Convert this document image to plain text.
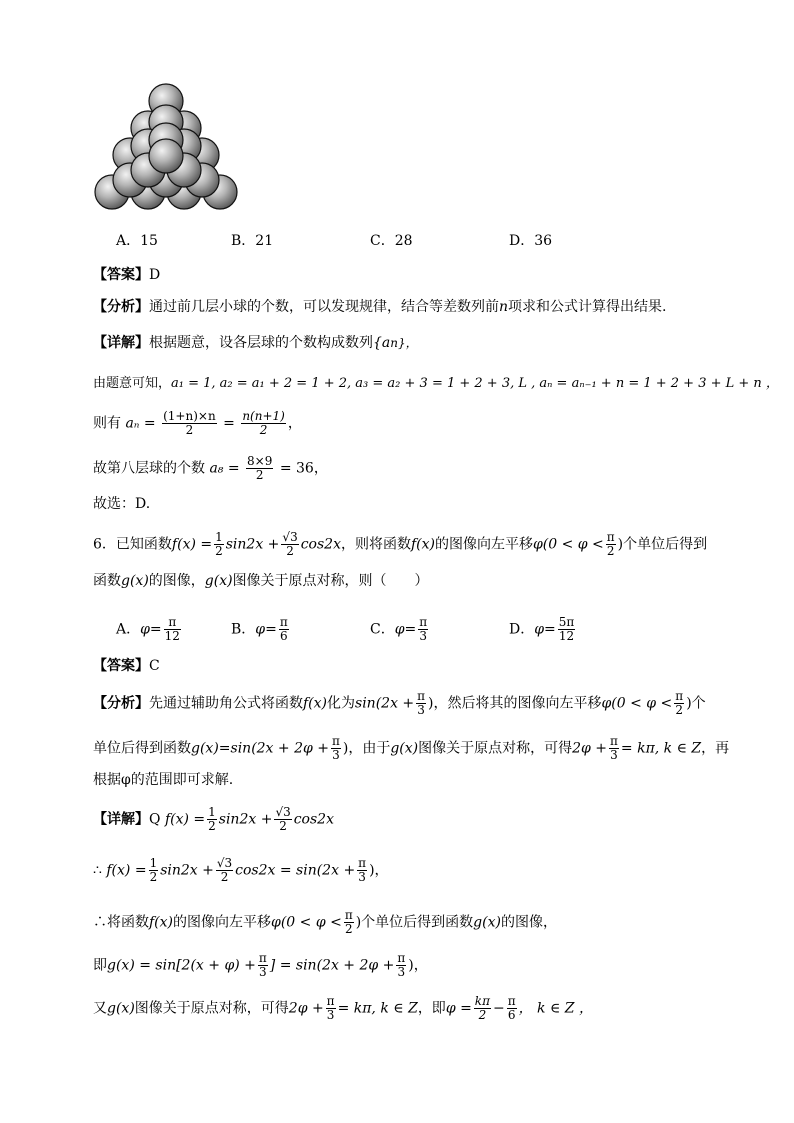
A．15	B．21	C．28	D．36
【答案】D
【分析】通过前几层小球的个数，可以发现规律，结合等差数列前n项求和公式计算得出结果.
【详解】根据题意，设各层球的个数构成数列{an}，
由题意可知，a₁ = 1, a₂ = a₁ + 2 = 1 + 2, a₃ = a₂ + 3 = 1 + 2 + 3, L , aₙ = aₙ₋₁ + n = 1 + 2 + 3 + L + n ，
则有 $a_n = \frac{(1+n)\times n}{2} = \frac{n(n+1)}{2}$ ，
故第八层球的个数 $a_8 = \frac{8\times 9}{2} = 36$，
故选：D.
6．已知函数$f(x) = \frac{1}{2} \sin 2x + \frac{√3}{2} \cos 2x$，则将函数f(x)的图像向左平移$\varphi(0 < \varphi < \frac{\pi}{2}$ )个单位后得到
函数g(x)的图像，g(x)图像关于原点对称，则（　　）
A．$\varphi= \frac{\pi}{12}$	B．$\varphi= \frac{\pi}{6}$	C．$\varphi= \frac{\pi}{3}$	D．$\varphi= \frac{5\pi}{12}$
【答案】C
【分析】先通过辅助角公式将函数f(x)化为$\sin(2x + \frac{\pi}{3}$ )，然后将其的图像向左平移$\varphi(0 < \varphi < \frac{\pi}{2}$ )个
单位后得到函数$g(x)=\sin(2x + 2\varphi + \frac{\pi}{3}$ )，由于g(x)图像关于原点对称，可得$2\varphi + \frac{\pi}{3} = k\pi$, k ∈ Z，再
根据φ的范围即可求解.
【详解】Q $f(x) = \frac{1}{2} \sin 2x + \frac{√3}{2} \cos 2x$
∴ $f(x) = \frac{1}{2} \sin 2x + \frac{√3}{2} \cos 2x = \sin(2x + \frac{\pi}{3}$ )，
∴将函数f(x)的图像向左平移$\varphi(0 < \varphi < \frac{\pi}{2}$ )个单位后得到函数g(x)的图像，
即$g(x) = \sin[2(x + \varphi) + \frac{\pi}{3}$ ] = $\sin(2x + 2\varphi + \frac{\pi}{3}$ )，
又g(x)图像关于原点对称，可得$2\varphi + \frac{\pi}{3} = k\pi$, k ∈ Z，即$\varphi = \frac{k\pi}{2} - \frac{\pi}{6}$ ， k ∈ Z ，
